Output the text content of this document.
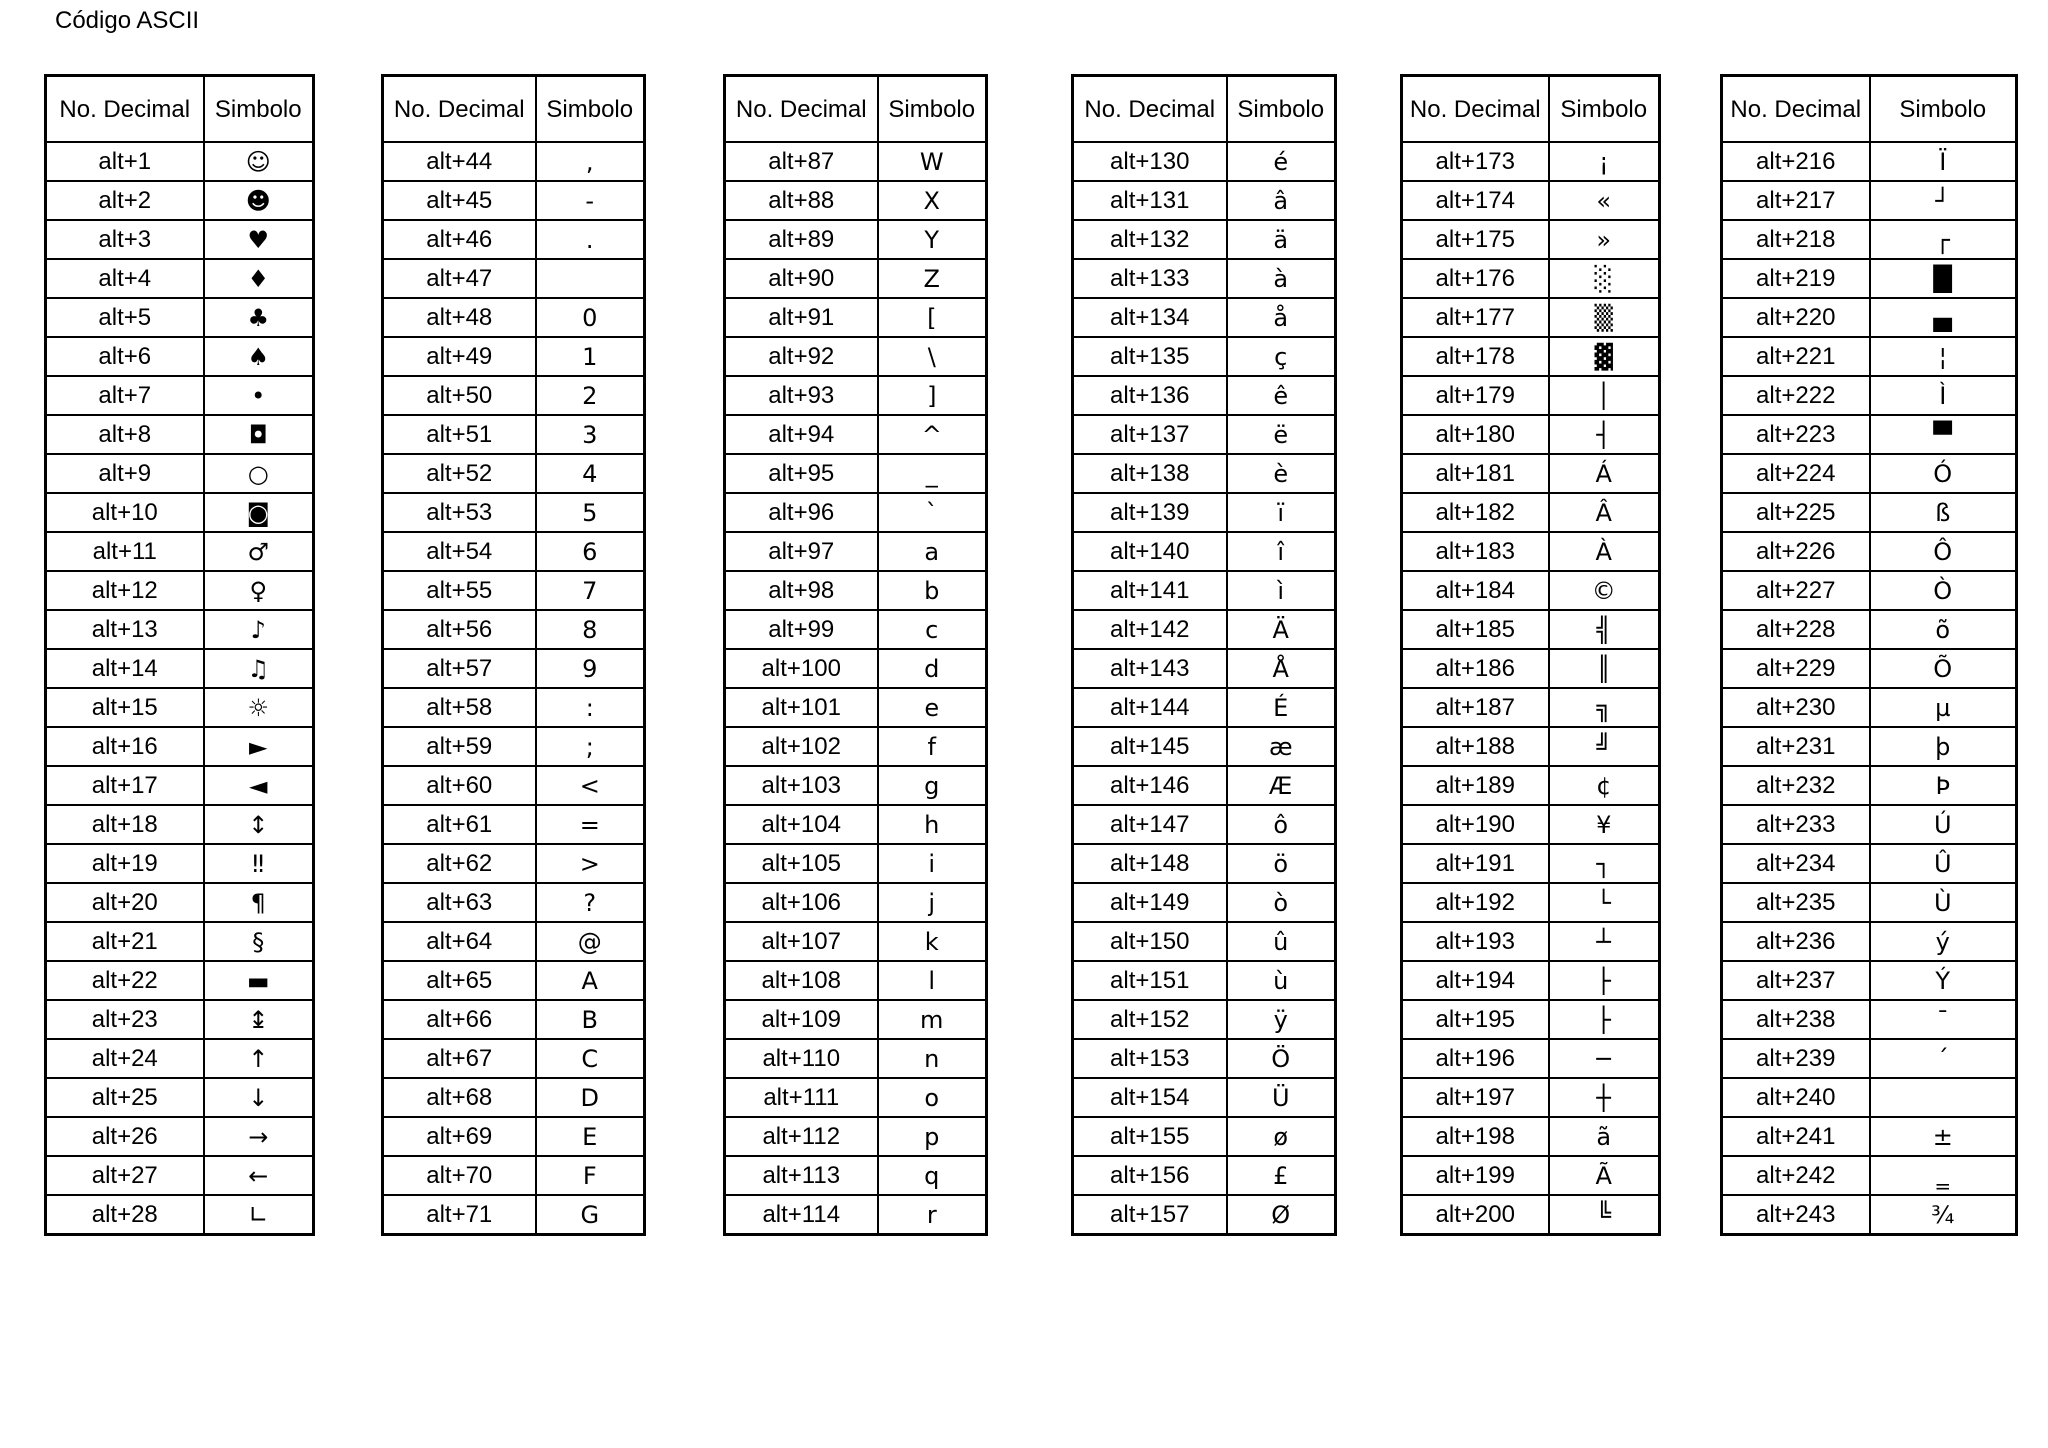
Código ASCII
No. Decimal	Simbolo
alt+1	☺
alt+2	☻
alt+3	♥
alt+4	♦
alt+5	♣
alt+6	♠
alt+7	•
alt+8	◘
alt+9	○
alt+10	◙
alt+11	♂
alt+12	♀
alt+13	♪
alt+14	♫
alt+15	☼
alt+16	►
alt+17	◄
alt+18	↕
alt+19	‼
alt+20	¶
alt+21	§
alt+22	▬
alt+23	↨
alt+24	↑
alt+25	↓
alt+26	→
alt+27	←
alt+28	∟
No. Decimal	Simbolo
alt+44	,
alt+45	-
alt+46	.
alt+47	
alt+48	0
alt+49	1
alt+50	2
alt+51	3
alt+52	4
alt+53	5
alt+54	6
alt+55	7
alt+56	8
alt+57	9
alt+58	:
alt+59	;
alt+60	<
alt+61	=
alt+62	>
alt+63	?
alt+64	@
alt+65	A
alt+66	B
alt+67	C
alt+68	D
alt+69	E
alt+70	F
alt+71	G
No. Decimal	Simbolo
alt+87	W
alt+88	X
alt+89	Y
alt+90	Z
alt+91	[
alt+92	\
alt+93	]
alt+94	^
alt+95	_
alt+96	`
alt+97	a
alt+98	b
alt+99	c
alt+100	d
alt+101	e
alt+102	f
alt+103	g
alt+104	h
alt+105	i
alt+106	j
alt+107	k
alt+108	l
alt+109	m
alt+110	n
alt+111	o
alt+112	p
alt+113	q
alt+114	r
No. Decimal	Simbolo
alt+130	é
alt+131	â
alt+132	ä
alt+133	à
alt+134	å
alt+135	ç
alt+136	ê
alt+137	ë
alt+138	è
alt+139	ï
alt+140	î
alt+141	ì
alt+142	Ä
alt+143	Å
alt+144	É
alt+145	æ
alt+146	Æ
alt+147	ô
alt+148	ö
alt+149	ò
alt+150	û
alt+151	ù
alt+152	ÿ
alt+153	Ö
alt+154	Ü
alt+155	ø
alt+156	£
alt+157	Ø
No. Decimal	Simbolo
alt+173	¡
alt+174	«
alt+175	»
alt+176	░
alt+177	▒
alt+178	▓
alt+179	│
alt+180	┤
alt+181	Á
alt+182	Â
alt+183	À
alt+184	©
alt+185	╣
alt+186	║
alt+187	╗
alt+188	╝
alt+189	¢
alt+190	¥
alt+191	┐
alt+192	└
alt+193	┴
alt+194	├
alt+195	├
alt+196	─
alt+197	┼
alt+198	ã
alt+199	Ã
alt+200	╚
No. Decimal	Simbolo
alt+216	Ï
alt+217	┘
alt+218	┌
alt+219	█
alt+220	▄
alt+221	¦
alt+222	Ì
alt+223	▀
alt+224	Ó
alt+225	ß
alt+226	Ô
alt+227	Ò
alt+228	õ
alt+229	Õ
alt+230	µ
alt+231	þ
alt+232	Þ
alt+233	Ú
alt+234	Û
alt+235	Ù
alt+236	ý
alt+237	Ý
alt+238	¯
alt+239	´
alt+240	
alt+241	±
alt+242	‗
alt+243	¾
